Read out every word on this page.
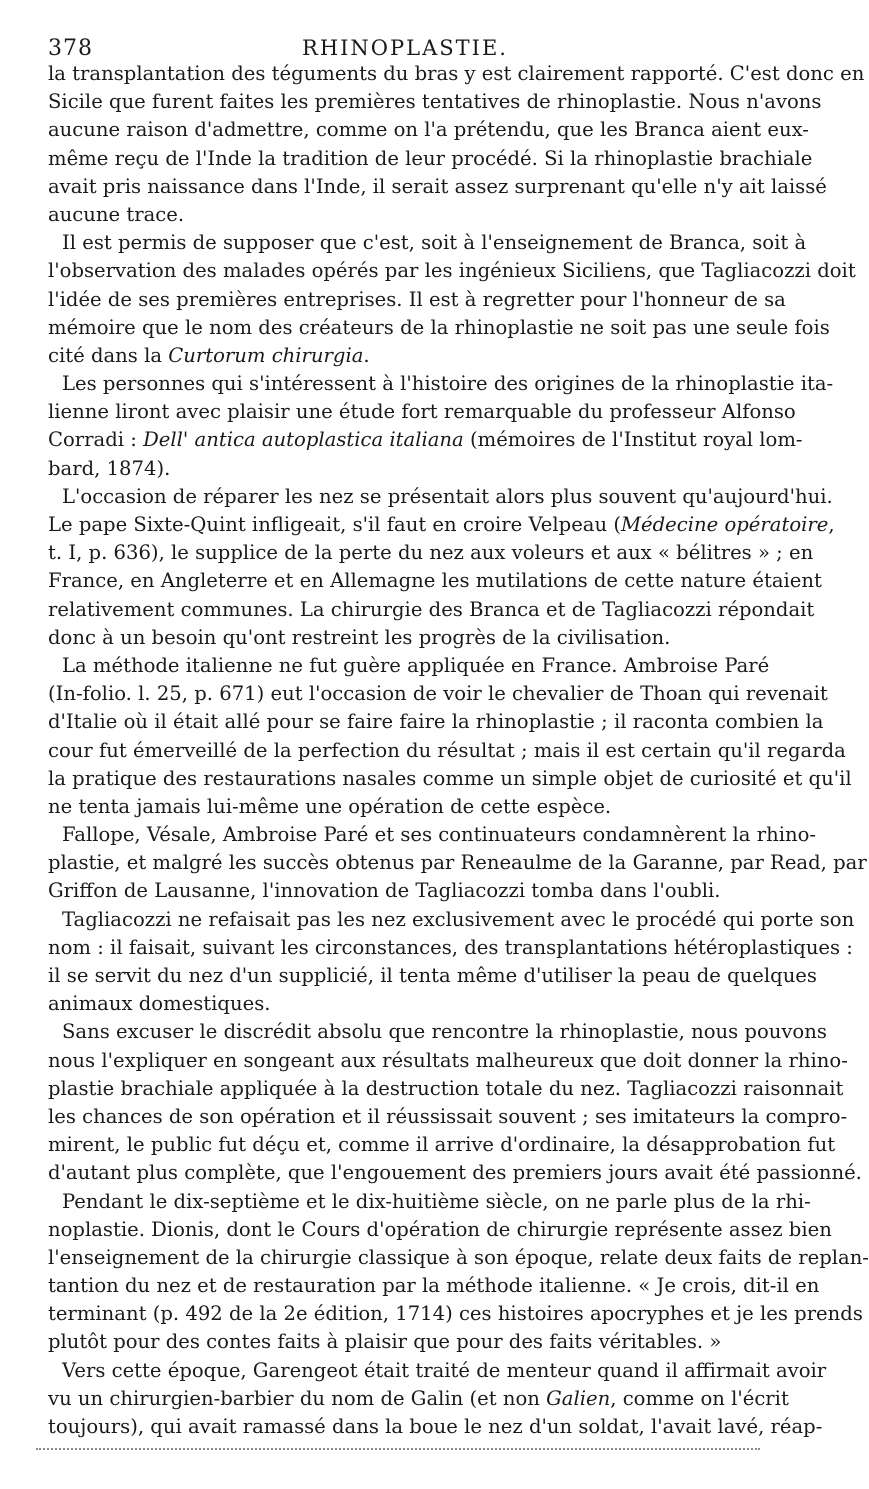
378	RHINOPLASTIE.
la transplantation des téguments du bras y est clairement rapporté. C'est donc en
Sicile que furent faites les premières tentatives de rhinoplastie. Nous n'avons
aucune raison d'admettre, comme on l'a prétendu, que les Branca aient eux-
même reçu de l'Inde la tradition de leur procédé. Si la rhinoplastie brachiale
avait pris naissance dans l'Inde, il serait assez surprenant qu'elle n'y ait laissé
aucune trace.
Il est permis de supposer que c'est, soit à l'enseignement de Branca, soit à
l'observation des malades opérés par les ingénieux Siciliens, que Tagliacozzi doit
l'idée de ses premières entreprises. Il est à regretter pour l'honneur de sa
mémoire que le nom des créateurs de la rhinoplastie ne soit pas une seule fois
cité dans la Curtorum chirurgia.
Les personnes qui s'intéressent à l'histoire des origines de la rhinoplastie ita-
lienne liront avec plaisir une étude fort remarquable du professeur Alfonso
Corradi : Dell' antica autoplastica italiana (mémoires de l'Institut royal lom-
bard, 1874).
L'occasion de réparer les nez se présentait alors plus souvent qu'aujourd'hui.
Le pape Sixte-Quint infligeait, s'il faut en croire Velpeau (Médecine opératoire,
t. I, p. 636), le supplice de la perte du nez aux voleurs et aux « bélitres » ; en
France, en Angleterre et en Allemagne les mutilations de cette nature étaient
relativement communes. La chirurgie des Branca et de Tagliacozzi répondait
donc à un besoin qu'ont restreint les progrès de la civilisation.
La méthode italienne ne fut guère appliquée en France. Ambroise Paré
(In-folio. l. 25, p. 671) eut l'occasion de voir le chevalier de Thoan qui revenait
d'Italie où il était allé pour se faire faire la rhinoplastie ; il raconta combien la
cour fut émerveillé de la perfection du résultat ; mais il est certain qu'il regarda
la pratique des restaurations nasales comme un simple objet de curiosité et qu'il
ne tenta jamais lui-même une opération de cette espèce.
Fallope, Vésale, Ambroise Paré et ses continuateurs condamnèrent la rhino-
plastie, et malgré les succès obtenus par Reneaulme de la Garanne, par Read, par
Griffon de Lausanne, l'innovation de Tagliacozzi tomba dans l'oubli.
Tagliacozzi ne refaisait pas les nez exclusivement avec le procédé qui porte son
nom : il faisait, suivant les circonstances, des transplantations hétéroplastiques :
il se servit du nez d'un supplicié, il tenta même d'utiliser la peau de quelques
animaux domestiques.
Sans excuser le discrédit absolu que rencontre la rhinoplastie, nous pouvons
nous l'expliquer en songeant aux résultats malheureux que doit donner la rhino-
plastie brachiale appliquée à la destruction totale du nez. Tagliacozzi raisonnait
les chances de son opération et il réussissait souvent ; ses imitateurs la compro-
mirent, le public fut déçu et, comme il arrive d'ordinaire, la désapprobation fut
d'autant plus complète, que l'engouement des premiers jours avait été passionné.
Pendant le dix-septième et le dix-huitième siècle, on ne parle plus de la rhi-
noplastie. Dionis, dont le Cours d'opération de chirurgie représente assez bien
l'enseignement de la chirurgie classique à son époque, relate deux faits de replan-
tantion du nez et de restauration par la méthode italienne. « Je crois, dit-il en
terminant (p. 492 de la 2e édition, 1714) ces histoires apocryphes et je les prends
plutôt pour des contes faits à plaisir que pour des faits véritables. »
Vers cette époque, Garengeot était traité de menteur quand il affirmait avoir
vu un chirurgien-barbier du nom de Galin (et non Galien, comme on l'écrit
toujours), qui avait ramassé dans la boue le nez d'un soldat, l'avait lavé, réap-
